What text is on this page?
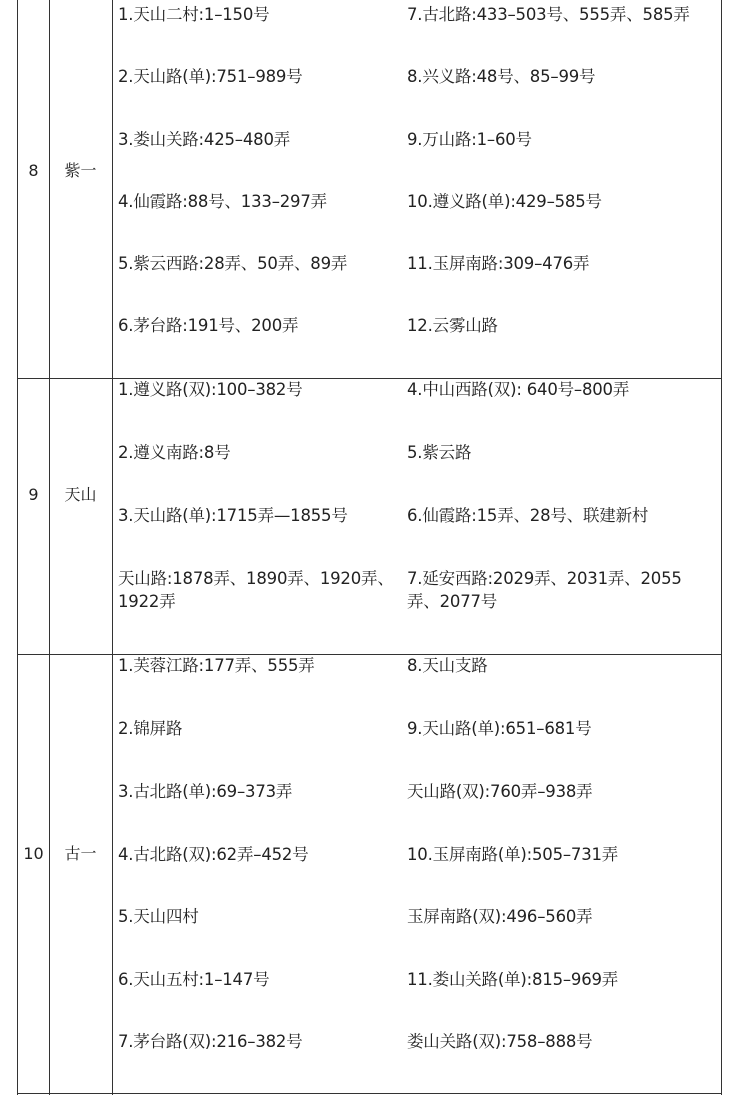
8	紫一
1.天山二村:1–150号
2.天山路(单):751–989号
3.娄山关路:425–480弄
4.仙霞路:88号、133–297弄
5.紫云西路:28弄、50弄、89弄
6.茅台路:191号、200弄
7.古北路:433–503号、555弄、585弄
8.兴义路:48号、85–99号
9.万山路:1–60号
10.遵义路(单):429–585号
11.玉屏南路:309–476弄
12.云雾山路
9	天山
1.遵义路(双):100–382号
2.遵义南路:8号
3.天山路(单):1715弄—1855号
天山路:1878弄、1890弄、1920弄、1922弄
4.中山西路(双): 640号–800弄
5.紫云路
6.仙霞路:15弄、28号、联建新村
7.延安西路:2029弄、2031弄、2055弄、2077号
10	古一
1.芙蓉江路:177弄、555弄
2.锦屏路
3.古北路(单):69–373弄
4.古北路(双):62弄–452号
5.天山四村
6.天山五村:1–147号
7.茅台路(双):216–382号
8.天山支路
9.天山路(单):651–681号
天山路(双):760弄–938弄
10.玉屏南路(单):505–731弄
玉屏南路(双):496–560弄
11.娄山关路(单):815–969弄
娄山关路(双):758–888号
